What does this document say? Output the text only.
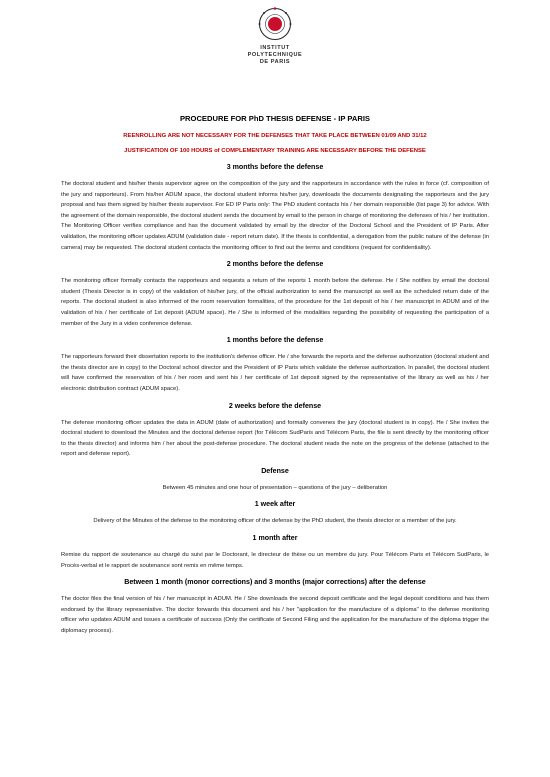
INSTITUT POLYTECHNIQUE
DE PARIS
PROCEDURE FOR PhD THESIS DEFENSE - IP PARIS
REENROLLING ARE NOT NECESSARY FOR THE DEFENSES THAT TAKE PLACE BETWEEN 01/09 AND 31/12
JUSTIFICATION OF 100 HOURS of COMPLEMENTARY TRAINING ARE NECESSARY BEFORE THE DEFENSE
3 months before the defense

The doctoral student and his/her thesis supervisor agree on the composition of the jury and the rapporteurs in accordance with the rules in force (cf. composition of the jury and rapporteurs). From his/her ADUM space, the doctoral student informs his/her jury, downloads the documents designating the rapporteurs and the jury proposal and has them signed by his/her thesis supervisor. For ED IP Paris only: The PhD student contacts his / her domain responsible (list page 3) for advice. With the agreement of the domain responsible, the doctoral student sends the document by email to the person in charge of monitoring the defenses of his / her institution. The Monitoring Officer verifies compliance and has the document validated by email by the director of the Doctoral School and the President of IP Paris. After validation, the monitoring officer updates ADUM (validation date - report return date). If the thesis is confidential, a derogation from the public nature of the defense (in camera) may be requested. The doctoral student contacts the monitoring officer to find out the terms and conditions (request for confidentiality).

2 months before the defense

The monitoring officer formally contacts the rapporteurs and requests a return of the reports 1 month before the defense. He / She notifies by email the doctoral student (Thesis Director is in copy) of the validation of his/her jury, of the official authorization to send the manuscript as well as the scheduled return date of the reports. The doctoral student is also informed of the room reservation formalities, of the procedure for the 1st deposit of his / her manuscript in ADUM and of the validation of his / her certificate of 1st deposit (ADUM space). He / She is informed of the modalities regarding the possibility of requesting the participation of a member of the Jury in a video conference defense.

1 months before the defense

The rapporteurs forward their dissertation reports to the institution's defense officer. He / she forwards the reports and the defense authorization (doctoral student and the thesis director are in copy) to the Doctoral school director and the President of IP Paris which validate the defense authorization. In parallel, the doctoral student will have confirmed the reservation of his / her room and sent his / her certificate of 1st deposit signed by the representative of the library as well as his / her electronic distribution contract (ADUM space).

2 weeks before the defense

The defense monitoring officer updates the data in ADUM (date of authorization) and formally convenes the jury (doctoral student is in copy). He / She invites the doctoral student to download the Minutes and the doctoral defense report (for Télécom SudParis and Télécom Paris, the file is sent directly by the monitoring officer to the thesis director) and informs him / her about the post-defense procedure. The doctoral student reads the note on the progress of the defense (attached to the report and defense report).

Defense

Between 45 minutes and one hour of presentation – questions of the jury – deliberation

1 week after

Delivery of the Minutes of the defense to the monitoring officer of the defense by the PhD student, the thesis director or a member of the jury.

1 month after

Remise du rapport de soutenance au chargé du suivi par le Doctorant, le directeur de thèse ou un membre du jury. Pour Télécom Paris et Télécom SudParis, le Procès-verbal et le rapport de soutenance sont remis en même temps.

Between 1 month (monor corrections) and 3 months (major corrections) after the defense

The doctor files the final version of his / her manuscript in ADUM. He / She downloads the second deposit certificate and the legal deposit conditions and has them endorsed by the library representative. The doctor forwards this document and his / her "application for the manufacture of a diploma" to the defense monitoring officer who updates ADUM and issues a certificate of success (Only the certificate of Second Filing and the application for the manufacture of the diploma trigger the diplomacy process).
